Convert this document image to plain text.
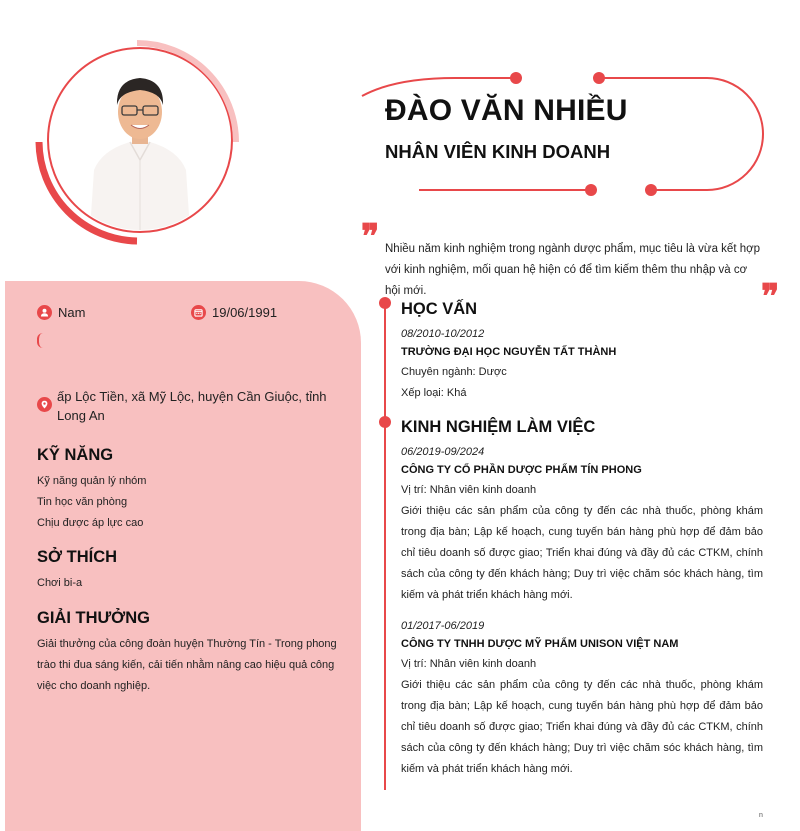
ĐÀO VĂN NHIỀU
NHÂN VIÊN KINH DOANH
❞ Nhiều năm kinh nghiệm trong ngành dược phẩm, mục tiêu là vừa kết hợp với kinh nghiệm, mối quan hệ hiện có để tìm kiếm thêm thu nhập và cơ hội mới.	❞
Nam	19/06/1991
ấp Lộc Tiền, xã Mỹ Lộc, huyện Cần Giuộc, tỉnh Long An
KỸ NĂNG
Kỹ năng quản lý nhóm
Tin học văn phòng
Chịu được áp lực cao
SỞ THÍCH
Chơi bi-a
GIẢI THƯỞNG
Giải thưởng của công đoàn huyện Thường Tín - Trong phong trào thi đua sáng kiến, cải tiến nhằm nâng cao hiệu quả công việc cho doanh nghiệp.
HỌC VẤN
08/2010-10/2012
TRƯỜNG ĐẠI HỌC NGUYỄN TẤT THÀNH
Chuyên ngành: Dược
Xếp loại: Khá
KINH NGHIỆM LÀM VIỆC
06/2019-09/2024
CÔNG TY CỔ PHẦN DƯỢC PHẨM TÍN PHONG
Vị trí: Nhân viên kinh doanh
Giới thiệu các sản phẩm của công ty đến các nhà thuốc, phòng khám trong địa bàn; Lập kế hoạch, cung tuyến bán hàng phù hợp để đảm bảo chỉ tiêu doanh số được giao; Triển khai đúng và đầy đủ các CTKM, chính sách của công ty đến khách hàng; Duy trì việc chăm sóc khách hàng, tìm kiếm và phát triển khách hàng mới.
01/2017-06/2019
CÔNG TY TNHH DƯỢC MỸ PHẨM UNISON VIỆT NAM
Vị trí: Nhân viên kinh doanh
Giới thiệu các sản phẩm của công ty đến các nhà thuốc, phòng khám trong địa bàn; Lập kế hoạch, cung tuyến bán hàng phù hợp để đảm bảo chỉ tiêu doanh số được giao; Triển khai đúng và đầy đủ các CTKM, chính sách của công ty đến khách hàng; Duy trì việc chăm sóc khách hàng, tìm kiếm và phát triển khách hàng mới.
n
